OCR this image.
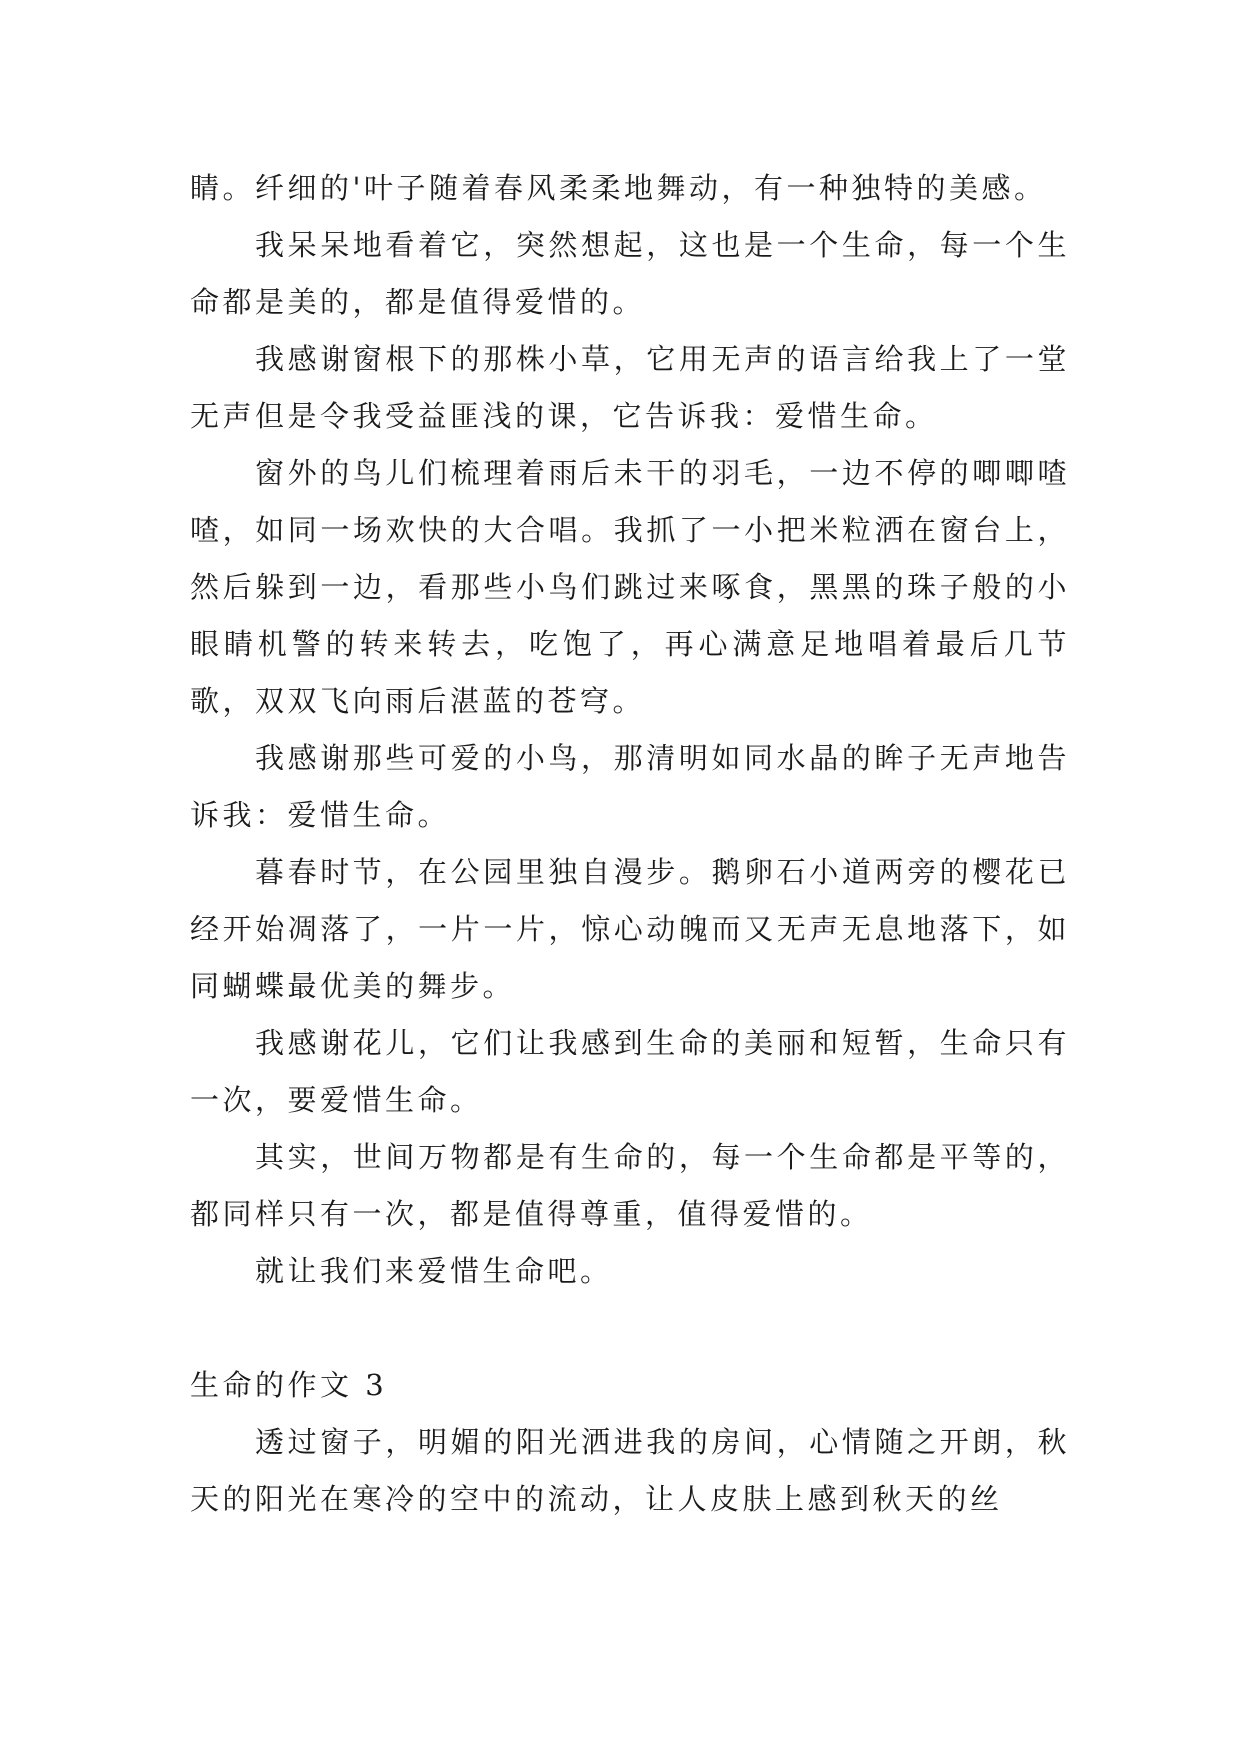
睛。纤细的'叶子随着春风柔柔地舞动，有一种独特的美感。

我呆呆地看着它，突然想起，这也是一个生命，每一个生命都是美的，都是值得爱惜的。

我感谢窗根下的那株小草，它用无声的语言给我上了一堂无声但是令我受益匪浅的课，它告诉我：爱惜生命。

窗外的鸟儿们梳理着雨后未干的羽毛，一边不停的唧唧喳喳，如同一场欢快的大合唱。我抓了一小把米粒洒在窗台上，然后躲到一边，看那些小鸟们跳过来啄食，黑黑的珠子般的小眼睛机警的转来转去，吃饱了，再心满意足地唱着最后几节歌，双双飞向雨后湛蓝的苍穹。

我感谢那些可爱的小鸟，那清明如同水晶的眸子无声地告诉我：爱惜生命。

暮春时节，在公园里独自漫步。鹅卵石小道两旁的樱花已经开始凋落了，一片一片，惊心动魄而又无声无息地落下，如同蝴蝶最优美的舞步。

我感谢花儿，它们让我感到生命的美丽和短暂，生命只有一次，要爱惜生命。

其实，世间万物都是有生命的，每一个生命都是平等的，都同样只有一次，都是值得尊重，值得爱惜的。

就让我们来爱惜生命吧。

生命的作文 3

透过窗子，明媚的阳光洒进我的房间，心情随之开朗，秋天的阳光在寒冷的空中的流动，让人皮肤上感到秋天的丝
